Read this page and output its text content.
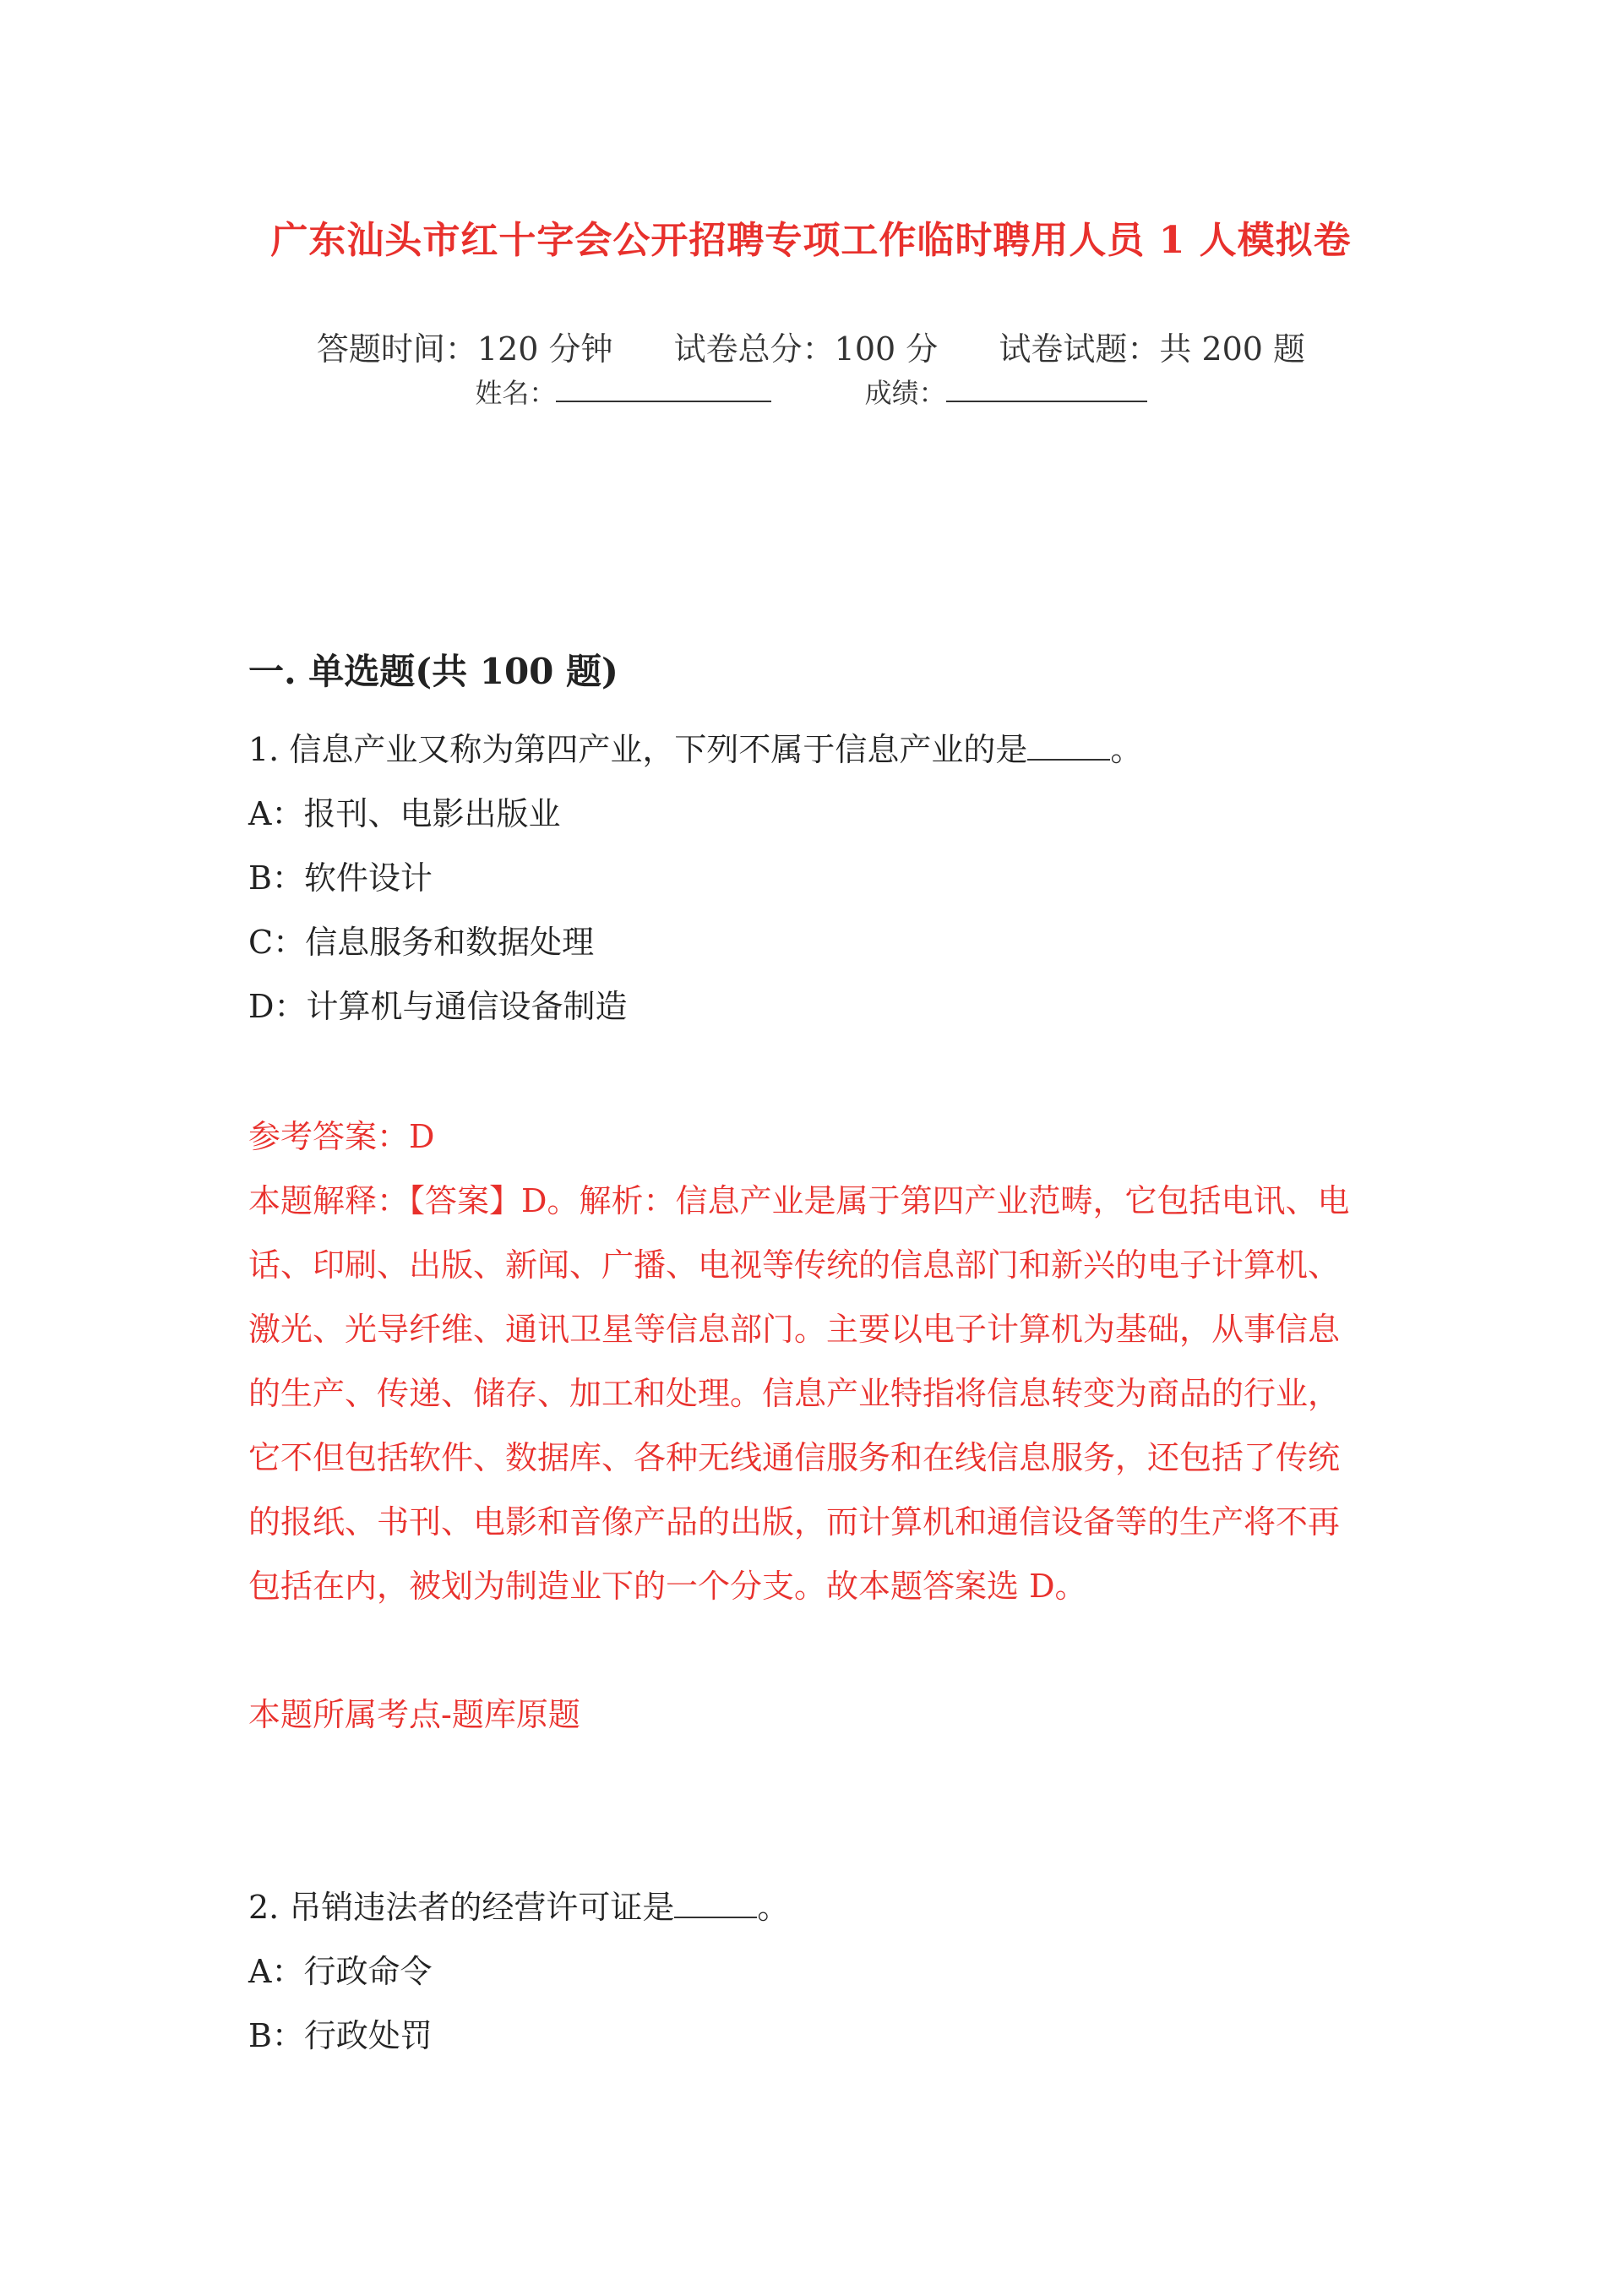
广东汕头市红十字会公开招聘专项工作临时聘用人员 1 人模拟卷
答题时间：120 分钟 试卷总分：100 分 试卷试题：共 200 题
姓名：	成绩：
一. 单选题(共 100 题)
1. 信息产业又称为第四产业，下列不属于信息产业的是	。
A：报刊、电影出版业
B：软件设计
C：信息服务和数据处理
D：计算机与通信设备制造
参考答案：D
本题解释：【答案】D。解析：信息产业是属于第四产业范畴，它包括电讯、电
话、印刷、出版、新闻、广播、电视等传统的信息部门和新兴的电子计算机、
激光、光导纤维、通讯卫星等信息部门。主要以电子计算机为基础，从事信息
的生产、传递、储存、加工和处理。信息产业特指将信息转变为商品的行业，
它不但包括软件、数据库、各种无线通信服务和在线信息服务，还包括了传统
的报纸、书刊、电影和音像产品的出版，而计算机和通信设备等的生产将不再
包括在内，被划为制造业下的一个分支。故本题答案选 D。
本题所属考点-题库原题
2. 吊销违法者的经营许可证是	。
A：行政命令
B：行政处罚
